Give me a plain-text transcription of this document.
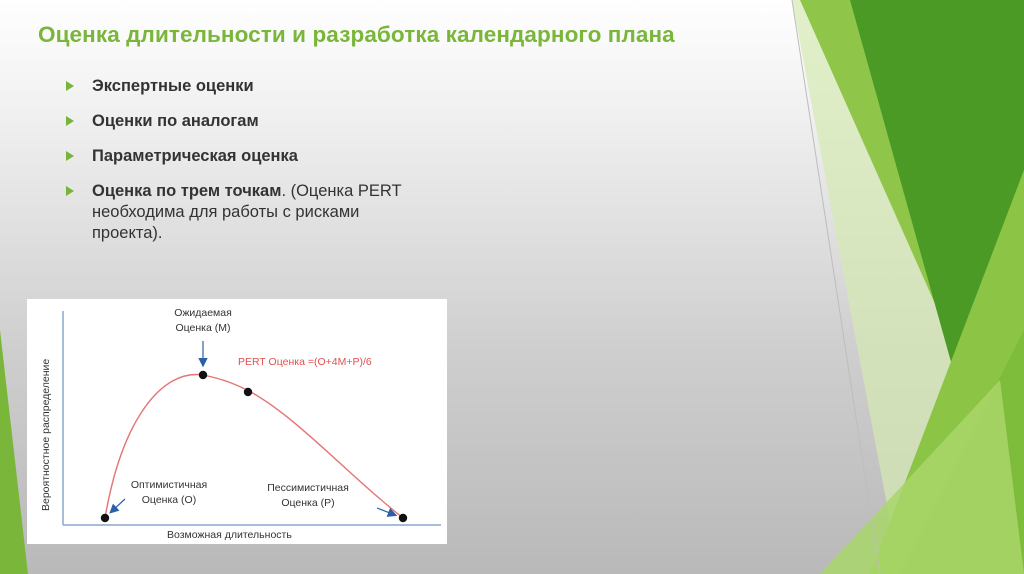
Оценка длительности и разработка календарного плана
Экспертные оценки
Оценки по аналогам
Параметрическая оценка
Оценка по трем точкам. (Оценка PERT необходима для работы с рисками проекта).
Вероятностное распределение
Возможная длительность
Ожидаемая
Оценка (М)
PERT Оценка =(O+4M+P)/6
Оптимистичная
Оценка (О)
Пессимистичная
Оценка (Р)
